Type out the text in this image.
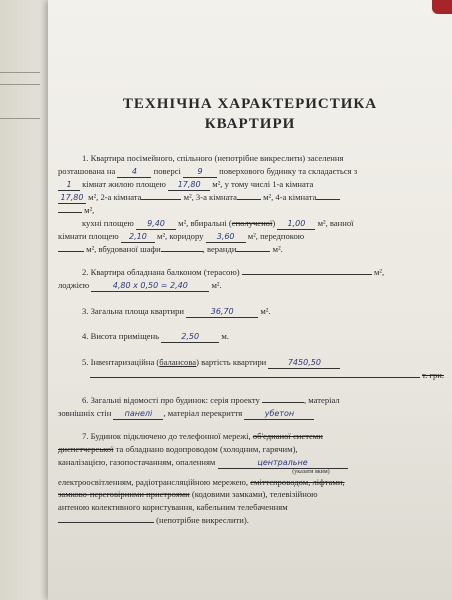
ТЕХНІЧНА ХАРАКТЕРИСТИКА
КВАРТИРИ
1. Квартира посімейного, спільного (непотрібне викреслити) заселення
розташована на 4 поверсі 9 поверхового будинку та складається з
1 кімнат жилою площею 17,80 м², у тому числі 1-а кімната
17,80 м², 2-а кімната	м², 3-а кімната	м², 4-а кімната
м²,
кухні площею 9,40 м², вбиральні (сполученої) 1,00 м², ванної
кімнати площею 2,10 м², коридору 3,60 м², передпокою
м², вбудованої шафи	, веранди	м².
2. Квартира обладнана балконом (терасою)	м²,
лоджією	4,80 х 0,50 = 2,40	м².
3. Загальна площа квартири	36,70	м².
4. Висота приміщень	2,50	м.
5. Інвентаризаційна (балансова) вартість квартири	7450,50
т. грн.
6. Загальні відомості про будинок: серія проекту	, матеріал
зовнішніх стін панелі , матеріал перекриття	убетон
7. Будинок підключено до телефонної мережі, об'єднаної системи
диспетчерської та обладнано водопроводом (холодним, гарячим),
каналізацією, газопостачанням, опаленням	центральне
(указати яким)
електроосвітленням, радіотрансляційною мережею, сміттєпроводом, ліфтами,
замково-переговірними пристроями (кодовими замками), телевізійною
антеною колективного користування, кабельним телебаченням
(непотрібне викреслити).
